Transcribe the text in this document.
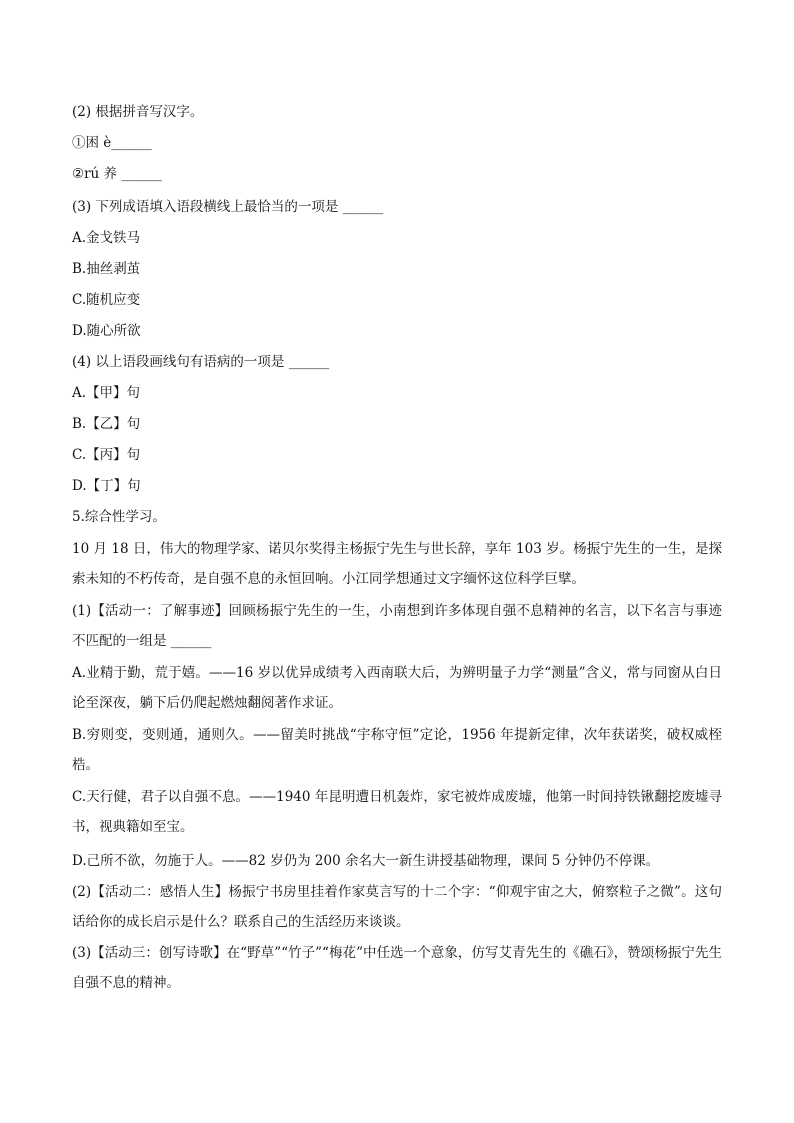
(2) 根据拼音写汉字。
①困 è______
②rú 养 ______
(3) 下列成语填入语段横线上最恰当的一项是 ______
A.金戈铁马
B.抽丝剥茧
C.随机应变
D.随心所欲
(4) 以上语段画线句有语病的一项是 ______
A.【甲】句
B.【乙】句
C.【丙】句
D.【丁】句
5.综合性学习。
10 月 18 日，伟大的物理学家、诺贝尔奖得主杨振宁先生与世长辞，享年 103 岁。杨振宁先生的一生，是探索未知的不朽传奇，是自强不息的永恒回响。小江同学想通过文字缅怀这位科学巨擘。
(1)【活动一：了解事迹】回顾杨振宁先生的一生，小南想到许多体现自强不息精神的名言，以下名言与事迹不匹配的一组是 ______
A.业精于勤，荒于嬉。——16 岁以优异成绩考入西南联大后，为辨明量子力学“测量”含义，常与同窗从白日论至深夜，躺下后仍爬起燃烛翻阅著作求证。
B.穷则变，变则通，通则久。——留美时挑战“宇称守恒”定论，1956 年提新定律，次年获诺奖，破权威桎梏。
C.天行健，君子以自强不息。——1940 年昆明遭日机轰炸，家宅被炸成废墟，他第一时间持铁锹翻挖废墟寻书，视典籍如至宝。
D.己所不欲，勿施于人。——82 岁仍为 200 余名大一新生讲授基础物理，课间 5 分钟仍不停课。
(2)【活动二：感悟人生】杨振宁书房里挂着作家莫言写的十二个字：“仰观宇宙之大，俯察粒子之微”。这句话给你的成长启示是什么？联系自己的生活经历来谈谈。
(3)【活动三：创写诗歌】在“野草”“竹子”“梅花”中任选一个意象，仿写艾青先生的《礁石》，赞颂杨振宁先生自强不息的精神。
